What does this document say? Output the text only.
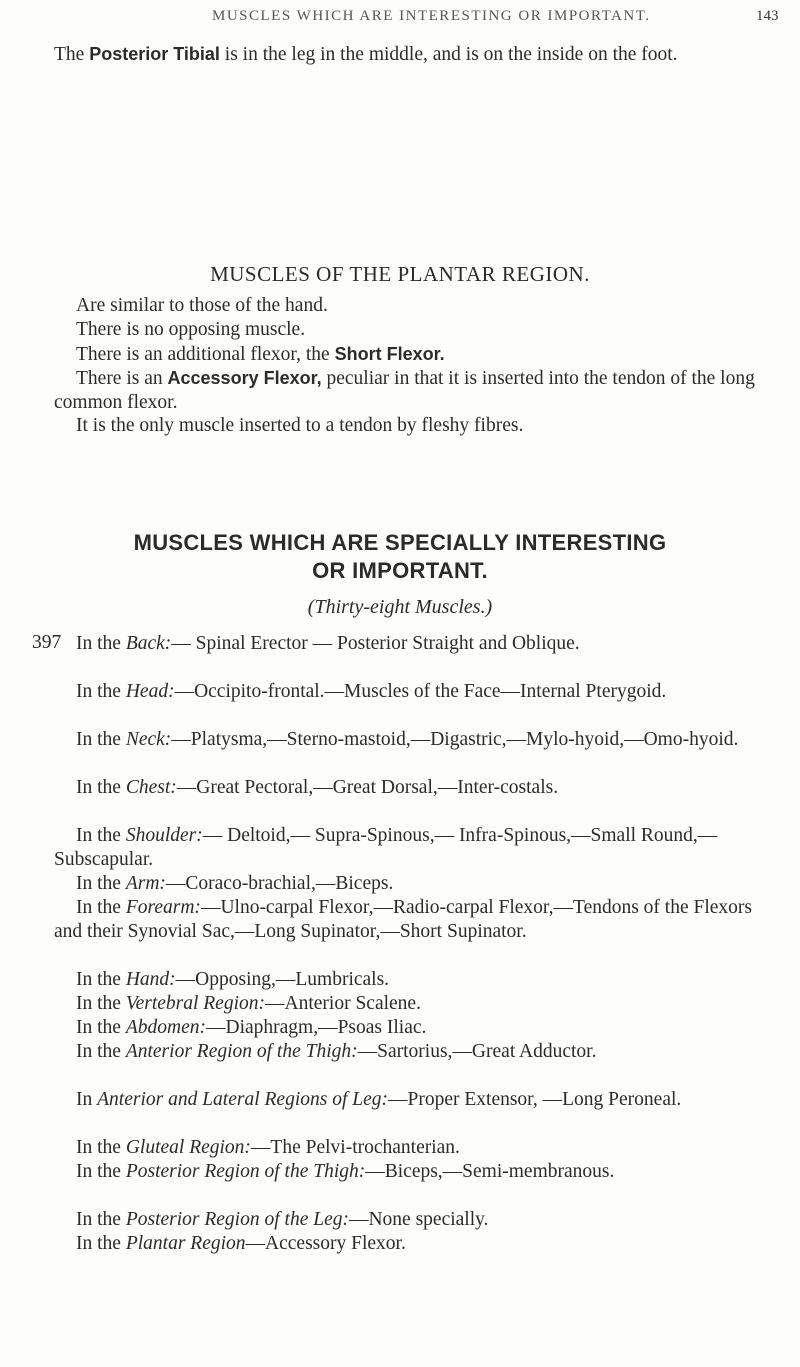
MUSCLES WHICH ARE INTERESTING OR IMPORTANT.	143

The Posterior Tibial is in the leg in the middle, and is on the inside on the foot.

MUSCLES OF THE PLANTAR REGION.

Are similar to those of the hand.

There is no opposing muscle.

There is an additional flexor, the Short Flexor.

There is an Accessory Flexor, peculiar in that it is inserted into the tendon of the long common flexor.

It is the only muscle inserted to a tendon by fleshy fibres.

MUSCLES WHICH ARE SPECIALLY INTERESTING

OR IMPORTANT.

(Thirty-eight Muscles.)

397 In the Back:— Spinal Erector — Posterior Straight and Oblique.

In the Head:—Occipito-frontal.—Muscles of the Face—Internal Pterygoid.

In the Neck:—Platysma,—Sterno-mastoid,—Digastric,—Mylo-hyoid,—Omo-hyoid.

In the Chest:—Great Pectoral,—Great Dorsal,—Inter-costals.

In the Shoulder:— Deltoid,— Supra-Spinous,— Infra-Spinous,—Small Round,—Subscapular.

In the Arm:—Coraco-brachial,—Biceps.

In the Forearm:—Ulno-carpal Flexor,—Radio-carpal Flexor,—Tendons of the Flexors and their Synovial Sac,—Long Supinator,—Short Supinator.

In the Hand:—Opposing,—Lumbricals.

In the Vertebral Region:—Anterior Scalene.

In the Abdomen:—Diaphragm,—Psoas Iliac.

In the Anterior Region of the Thigh:—Sartorius,—Great Adductor.

In Anterior and Lateral Regions of Leg:—Proper Extensor, —Long Peroneal.

In the Gluteal Region:—The Pelvi-trochanterian.

In the Posterior Region of the Thigh:—Biceps,—Semi-membranous.

In the Posterior Region of the Leg:—None specially.

In the Plantar Region—Accessory Flexor.
